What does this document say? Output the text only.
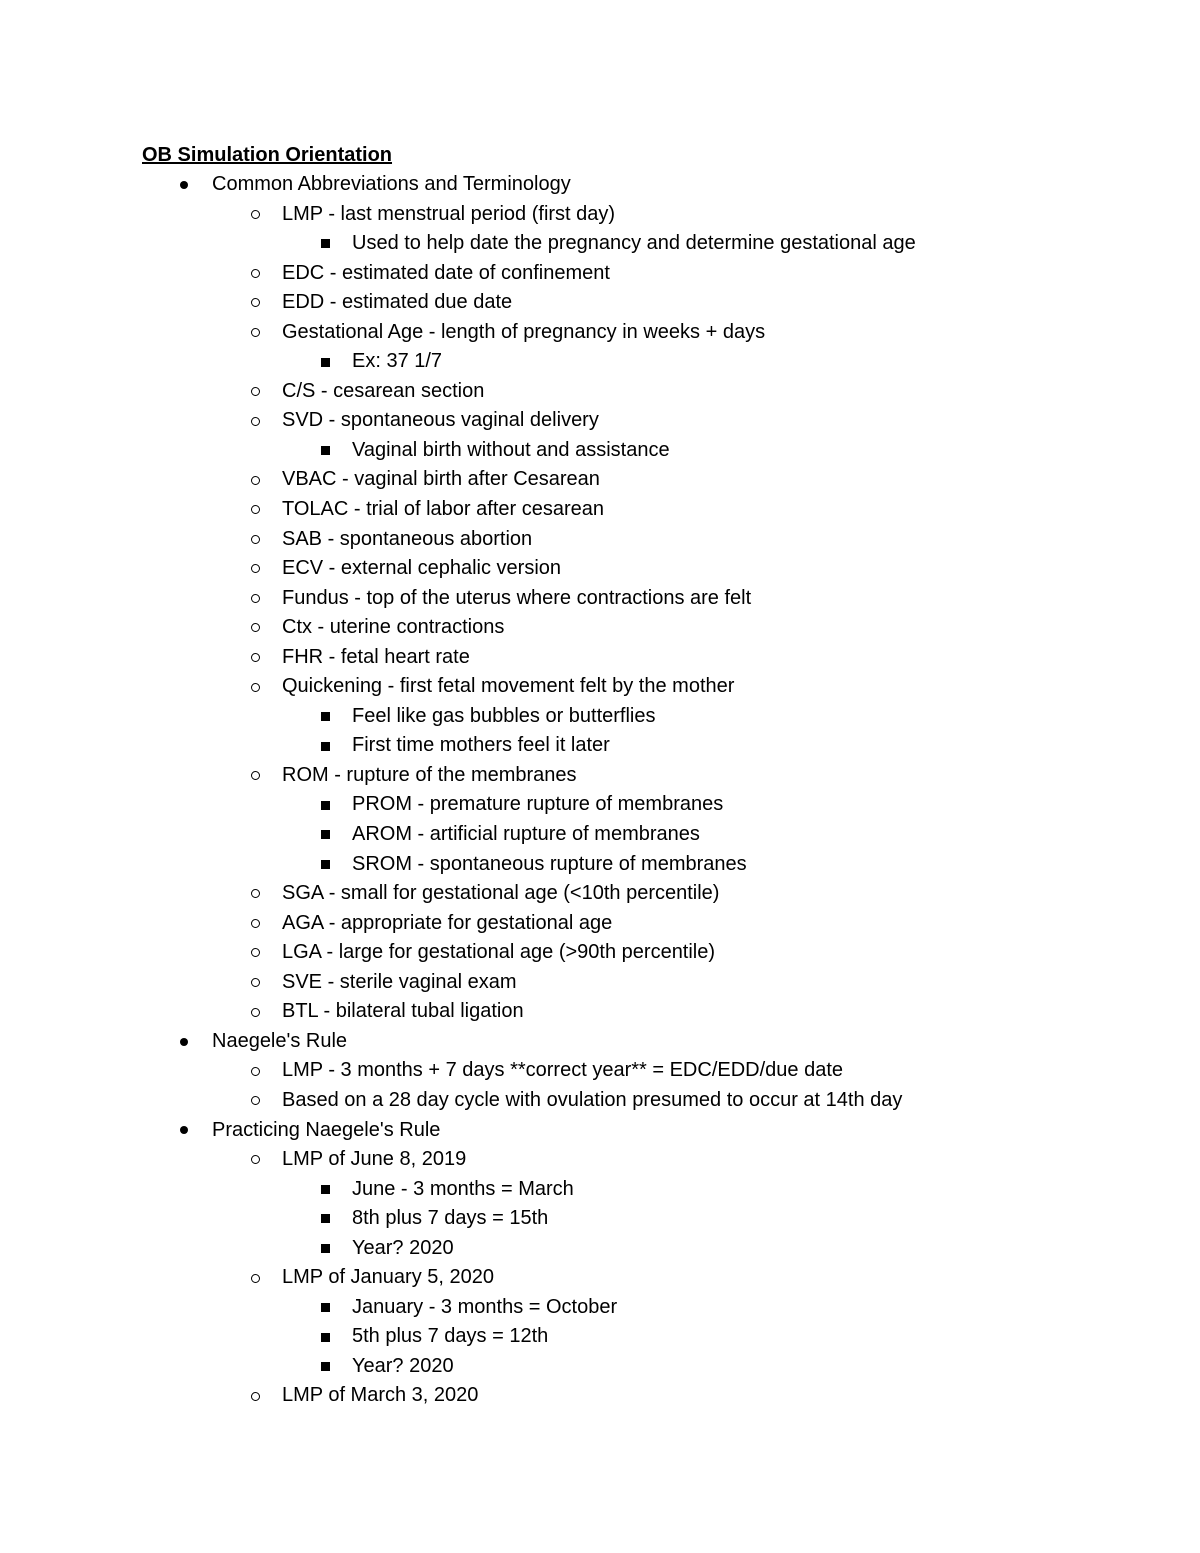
OB Simulation Orientation
Common Abbreviations and Terminology
LMP - last menstrual period (first day)
Used to help date the pregnancy and determine gestational age
EDC - estimated date of confinement
EDD - estimated due date
Gestational Age - length of pregnancy in weeks + days
Ex: 37 1/7
C/S - cesarean section
SVD - spontaneous vaginal delivery
Vaginal birth without and assistance
VBAC - vaginal birth after Cesarean
TOLAC - trial of labor after cesarean
SAB - spontaneous abortion
ECV - external cephalic version
Fundus - top of the uterus where contractions are felt
Ctx - uterine contractions
FHR - fetal heart rate
Quickening - first fetal movement felt by the mother
Feel like gas bubbles or butterflies
First time mothers feel it later
ROM - rupture of the membranes
PROM - premature rupture of membranes
AROM - artificial rupture of membranes
SROM - spontaneous rupture of membranes
SGA - small for gestational age (<10th percentile)
AGA - appropriate for gestational age
LGA - large for gestational age (>90th percentile)
SVE - sterile vaginal exam
BTL - bilateral tubal ligation
Naegele's Rule
LMP - 3 months + 7 days **correct year** = EDC/EDD/due date
Based on a 28 day cycle with ovulation presumed to occur at 14th day
Practicing Naegele's Rule
LMP of June 8, 2019
June - 3 months = March
8th plus 7 days = 15th
Year? 2020
LMP of January 5, 2020
January - 3 months = October
5th plus 7 days = 12th
Year? 2020
LMP of March 3, 2020
